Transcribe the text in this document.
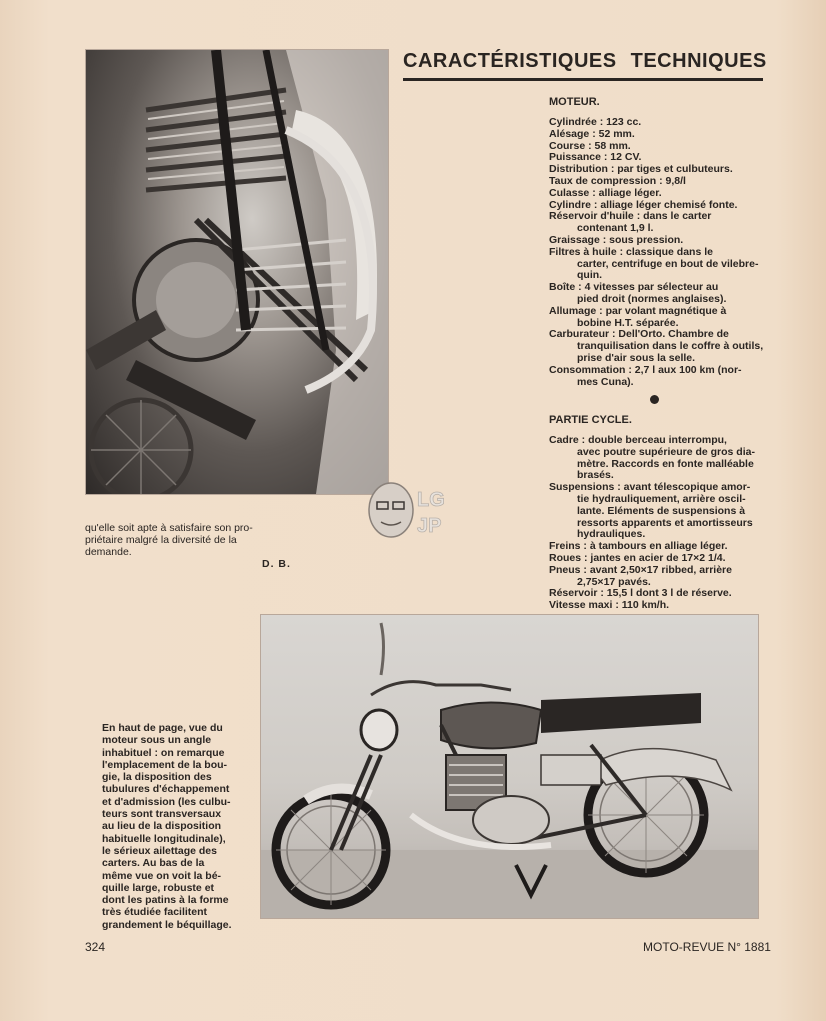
CARACTÉRISTIQUES TECHNIQUES
MOTEUR.
Cylindrée : 123 cc.
Alésage : 52 mm.
Course : 58 mm.
Puissance : 12 CV.
Distribution : par tiges et culbuteurs.
Taux de compression : 9,8/l
Culasse : alliage léger.
Cylindre : alliage léger chemisé fonte.
Réservoir d'huile : dans le carter
contenant 1,9 l.
Graissage : sous pression.
Filtres à huile : classique dans le
carter, centrifuge en bout de vilebre-
quin.
Boîte : 4 vitesses par sélecteur au
pied droit (normes anglaises).
Allumage : par volant magnétique à
bobine H.T. séparée.
Carburateur : Dell'Orto. Chambre de
tranquilisation dans le coffre à outils,
prise d'air sous la selle.
Consommation : 2,7 l aux 100 km (nor-
mes Cuna).
PARTIE CYCLE.
Cadre : double berceau interrompu,
avec poutre supérieure de gros dia-
mètre. Raccords en fonte malléable
brasés.
Suspensions : avant télescopique amor-
tie hydrauliquement, arrière oscil-
lante. Eléments de suspensions à
ressorts apparents et amortisseurs
hydrauliques.
Freins : à tambours en alliage léger.
Roues : jantes en acier de 17×2 1/4.
Pneus : avant 2,50×17 ribbed, arrière
2,75×17 pavés.
Réservoir : 15,5 l dont 3 l de réserve.
Vitesse maxi : 110 km/h.
qu'elle soit apte à satisfaire son pro-
priétaire malgré la diversité de la
demande.
D. B.
LG
JP
En haut de page, vue du
moteur sous un angle
inhabituel : on remarque
l'emplacement de la bou-
gie, la disposition des
tubulures d'échappement
et d'admission (les culbu-
teurs sont transversaux
au lieu de la disposition
habituelle longitudinale),
le sérieux ailettage des
carters. Au bas de la
même vue on voit la bé-
quille large, robuste et
dont les patins à la forme
très étudiée facilitent
grandement le béquillage.
324	MOTO-REVUE N° 1881
